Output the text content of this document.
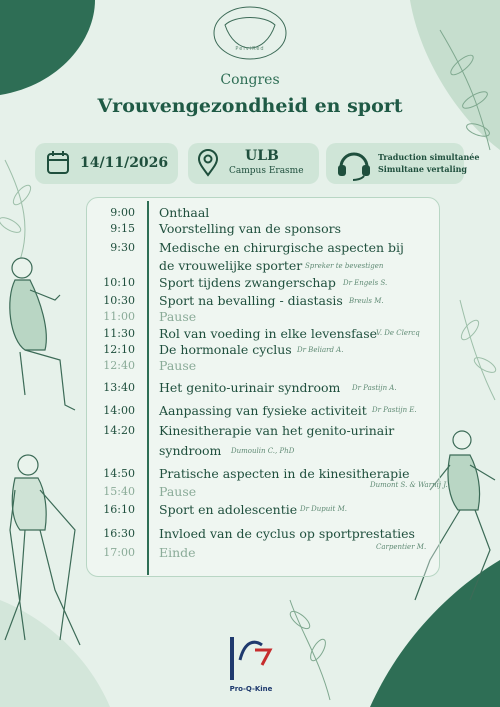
PelviRed
Congres
Vrouvengezondheid en sport
14/11/2026	ULB
Campus Erasme
Traduction simultanée
Simultane vertaling
9:00 Onthaal
9:15 Voorstelling van de sponsors
9:30 Medische en chirurgische aspecten bij
de vrouwelijke sporter Spreker te bevestigen
10:10 Sport tijdens zwangerschap Dr Engels S.
10:30 Sport na bevalling - diastasis Breuls M.
11:00 Pause
11:30 Rol van voeding in elke levensfase
V. De Clercq
12:10 De hormonale cyclus Dr Beliard A.
12:40 Pause
13:40 Het genito-urinair syndroom Dr Pastijn A.
14:00 Aanpassing van fysieke activiteit Dr Pastijn E.
14:20 Kinesitherapie van het genito-urinair
syndroom Dumoulin C., PhD
14:50 Pratische aspecten in de kinesitherapie
Dumont S. & Warnij J.
15:40 Pause
16:10 Sport en adolescentie Dr Dupuit M.
16:30 Invloed van de cyclus op sportprestaties
Carpentier M.
17:00 Einde
Pro-Q-Kine
